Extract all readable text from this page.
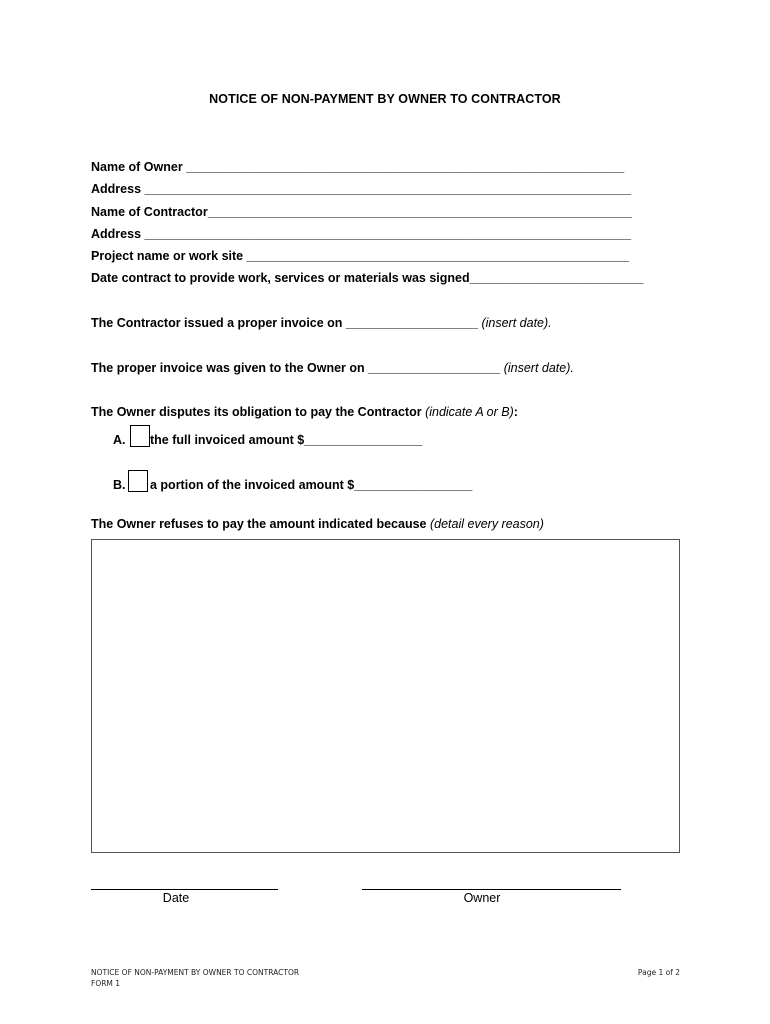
NOTICE OF NON-PAYMENT BY OWNER TO CONTRACTOR
Name of Owner _______________________________________________________________
Address ______________________________________________________________________
Name of Contractor_____________________________________________________________
Address ______________________________________________________________________
Project name or work site _______________________________________________________
Date contract to provide work, services or materials was signed_________________________
The Contractor issued a proper invoice on ___________________ (insert date).
The proper invoice was given to the Owner on ___________________ (insert date).
The Owner disputes its obligation to pay the Contractor (indicate A or B):
A. the full invoiced amount $_________________
B. a portion of the invoiced amount $_________________
The Owner refuses to pay the amount indicated because (detail every reason)
Date	Owner
NOTICE OF NON-PAYMENT BY OWNER TO CONTRACTOR
FORM 1
Page 1 of 2
